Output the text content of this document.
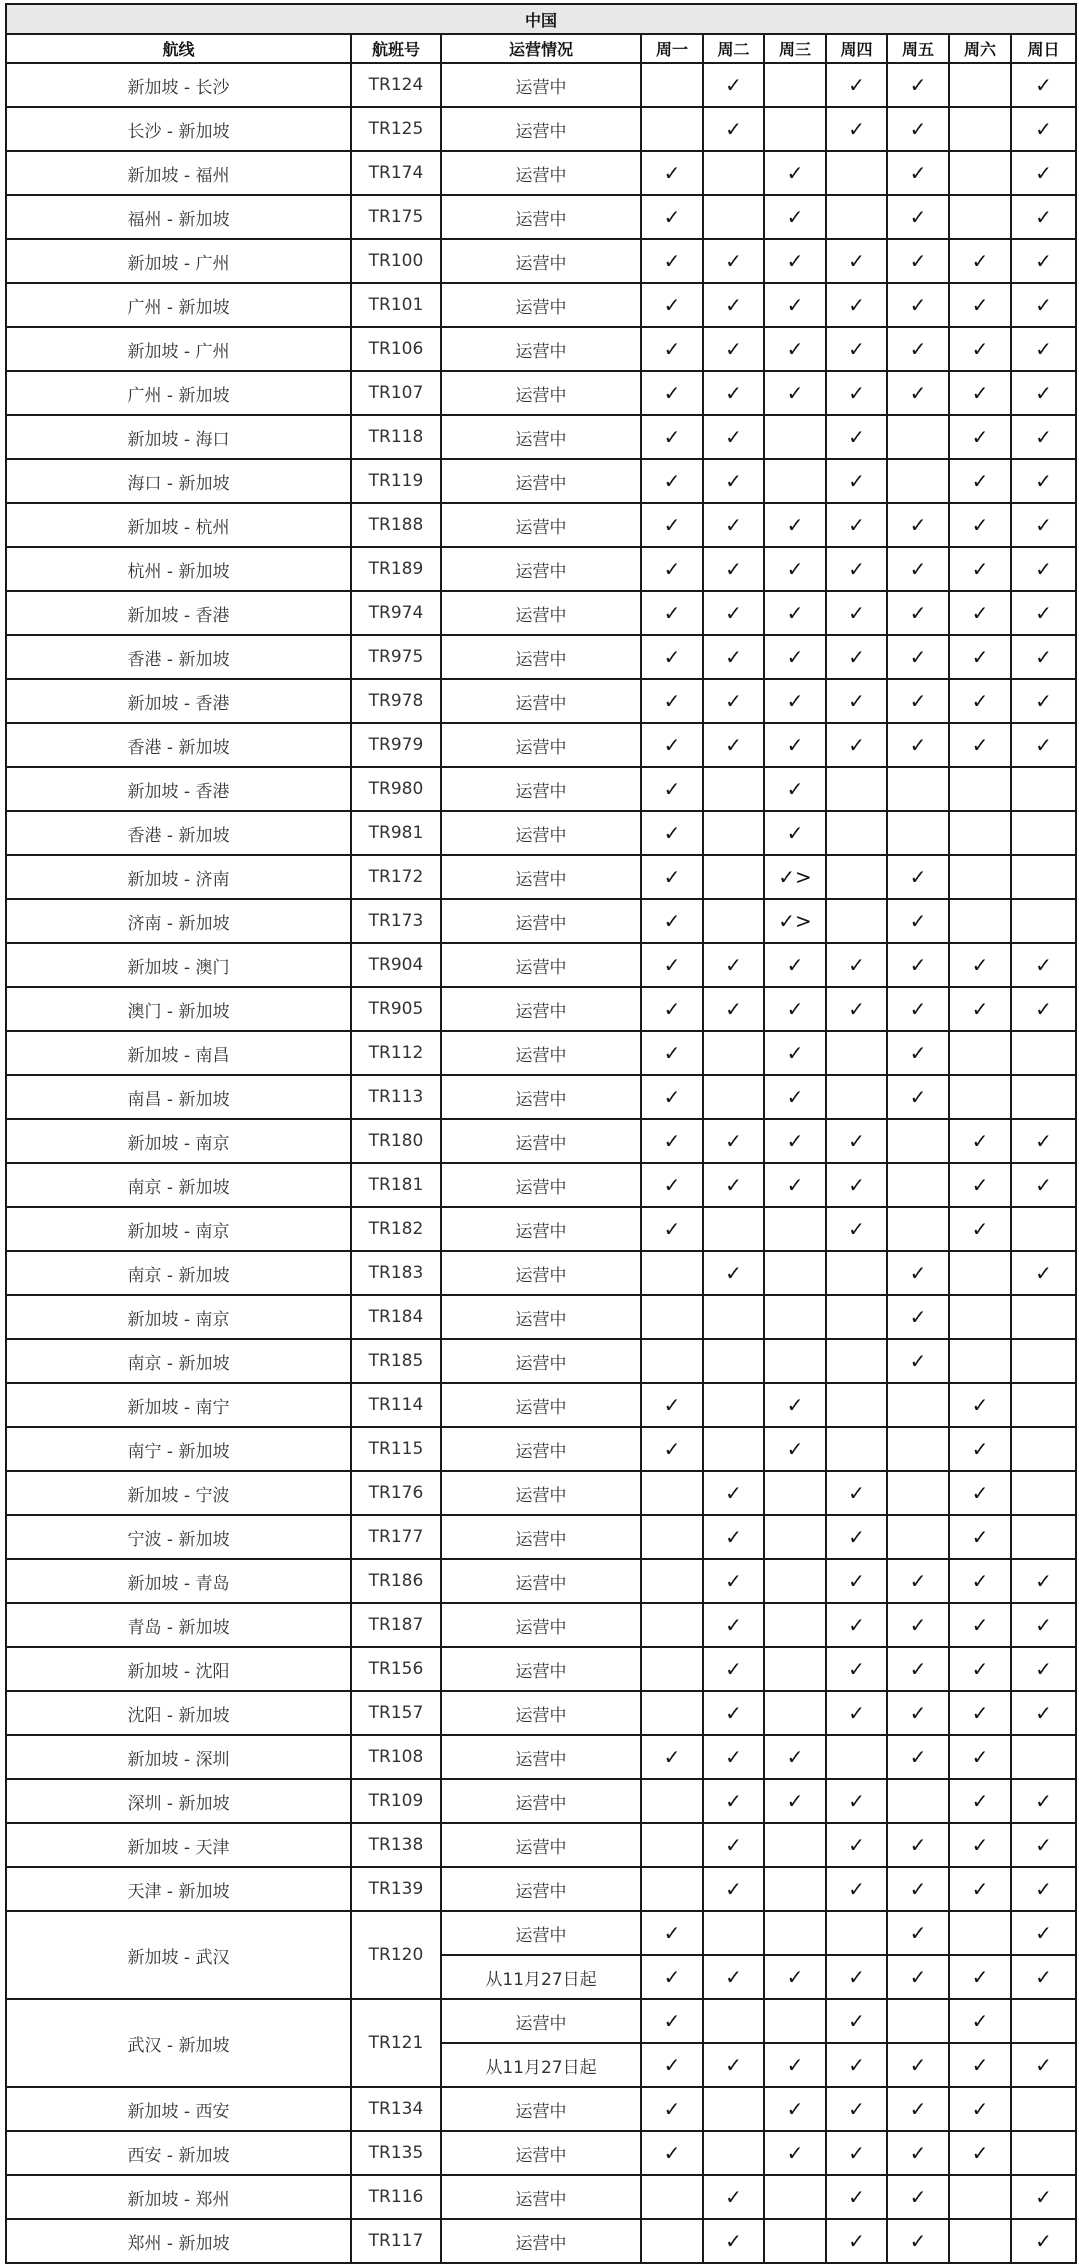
中国									
航线	航班号	运营情况	周一	周二	周三	周四	周五	周六	周日
新加坡 - 长沙	TR124	运营中		✓		✓	✓		✓
长沙 - 新加坡	TR125	运营中		✓		✓	✓		✓
新加坡 - 福州	TR174	运营中	✓		✓		✓		✓
福州 - 新加坡	TR175	运营中	✓		✓		✓		✓
新加坡 - 广州	TR100	运营中	✓	✓	✓	✓	✓	✓	✓
广州 - 新加坡	TR101	运营中	✓	✓	✓	✓	✓	✓	✓
新加坡 - 广州	TR106	运营中	✓	✓	✓	✓	✓	✓	✓
广州 - 新加坡	TR107	运营中	✓	✓	✓	✓	✓	✓	✓
新加坡 - 海口	TR118	运营中	✓	✓		✓		✓	✓
海口 - 新加坡	TR119	运营中	✓	✓		✓		✓	✓
新加坡 - 杭州	TR188	运营中	✓	✓	✓	✓	✓	✓	✓
杭州 - 新加坡	TR189	运营中	✓	✓	✓	✓	✓	✓	✓
新加坡 - 香港	TR974	运营中	✓	✓	✓	✓	✓	✓	✓
香港 - 新加坡	TR975	运营中	✓	✓	✓	✓	✓	✓	✓
新加坡 - 香港	TR978	运营中	✓	✓	✓	✓	✓	✓	✓
香港 - 新加坡	TR979	运营中	✓	✓	✓	✓	✓	✓	✓
新加坡 - 香港	TR980	运营中	✓		✓				
香港 - 新加坡	TR981	运营中	✓		✓				
新加坡 - 济南	TR172	运营中	✓		✓>		✓		
济南 - 新加坡	TR173	运营中	✓		✓>		✓		
新加坡 - 澳门	TR904	运营中	✓	✓	✓	✓	✓	✓	✓
澳门 - 新加坡	TR905	运营中	✓	✓	✓	✓	✓	✓	✓
新加坡 - 南昌	TR112	运营中	✓		✓		✓		
南昌 - 新加坡	TR113	运营中	✓		✓		✓		
新加坡 - 南京	TR180	运营中	✓	✓	✓	✓		✓	✓
南京 - 新加坡	TR181	运营中	✓	✓	✓	✓		✓	✓
新加坡 - 南京	TR182	运营中	✓			✓		✓	
南京 - 新加坡	TR183	运营中		✓			✓		✓
新加坡 - 南京	TR184	运营中					✓		
南京 - 新加坡	TR185	运营中					✓		
新加坡 - 南宁	TR114	运营中	✓		✓			✓	
南宁 - 新加坡	TR115	运营中	✓		✓			✓	
新加坡 - 宁波	TR176	运营中		✓		✓		✓	
宁波 - 新加坡	TR177	运营中		✓		✓		✓	
新加坡 - 青岛	TR186	运营中		✓		✓	✓	✓	✓
青岛 - 新加坡	TR187	运营中		✓		✓	✓	✓	✓
新加坡 - 沈阳	TR156	运营中		✓		✓	✓	✓	✓
沈阳 - 新加坡	TR157	运营中		✓		✓	✓	✓	✓
新加坡 - 深圳	TR108	运营中	✓	✓	✓		✓	✓	
深圳 - 新加坡	TR109	运营中		✓	✓	✓		✓	✓
新加坡 - 天津	TR138	运营中		✓		✓	✓	✓	✓
天津 - 新加坡	TR139	运营中		✓		✓	✓	✓	✓
新加坡 - 武汉	TR120	运营中	✓				✓		✓
		从11月27日起	✓	✓	✓	✓	✓	✓	✓
武汉 - 新加坡	TR121	运营中	✓			✓		✓	
		从11月27日起	✓	✓	✓	✓	✓	✓	✓
新加坡 - 西安	TR134	运营中	✓		✓	✓	✓	✓	
西安 - 新加坡	TR135	运营中	✓		✓	✓	✓	✓	
新加坡 - 郑州	TR116	运营中		✓		✓	✓		✓
郑州 - 新加坡	TR117	运营中		✓		✓	✓		✓
